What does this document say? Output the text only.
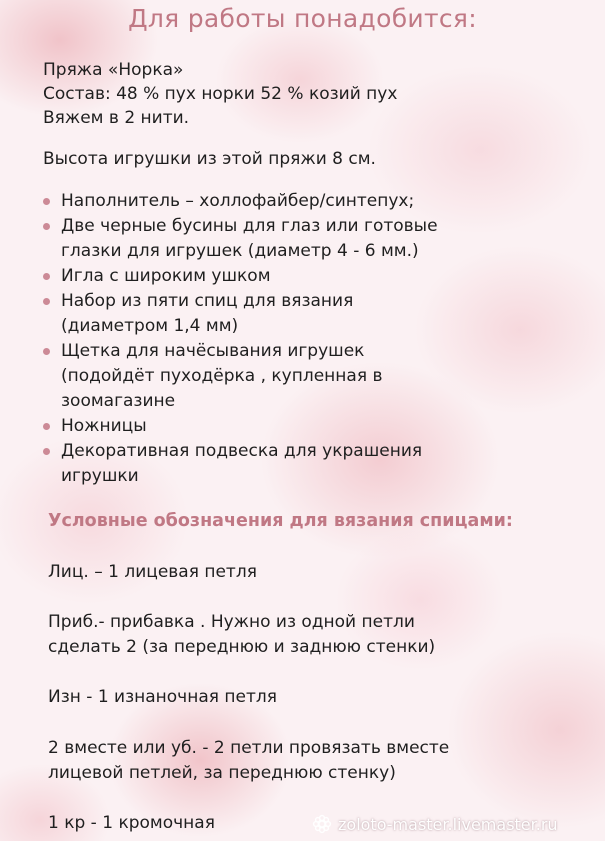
Для работы понадобится:
Пряжа «Норка»
Состав: 48 % пух норки 52 % козий пух
Вяжем в 2 нити.
Высота игрушки из этой пряжи 8 см.
Наполнитель – холлофайбер/синтепух;
Две черные бусины для глаз или готовые
глазки для игрушек (диаметр 4 - 6 мм.)
Игла с широким ушком
Набор из пяти спиц для вязания
(диаметром 1,4 мм)
Щетка для начёсывания игрушек
(подойдёт пуходёрка , купленная в
зоомагазине
Ножницы
Декоративная подвеска для украшения
игрушки
Условные обозначения для вязания спицами:
Лиц. – 1 лицевая петля
Приб.- прибавка . Нужно из одной петли
сделать 2 (за переднюю и заднюю стенки)
Изн - 1 изнаночная петля
2 вместе или уб. - 2 петли провязать вместе
лицевой петлей, за переднюю стенку)
1 кр - 1 кромочная	zoloto-master.livemaster.ru
